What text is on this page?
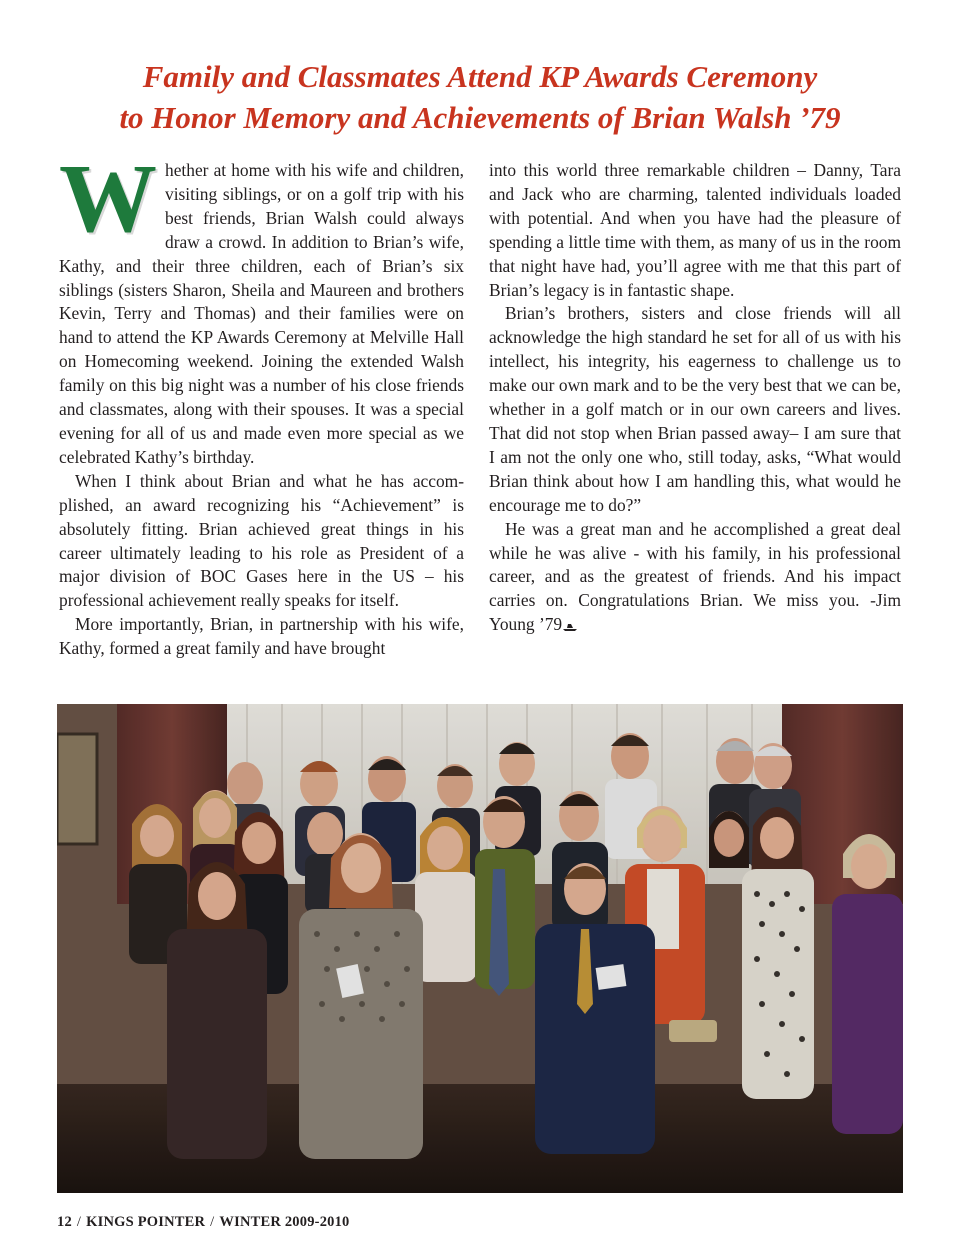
Family and Classmates Attend KP Awards Ceremony
to Honor Memory and Achievements of Brian Walsh ’79

Whether at home with his wife and children, visiting siblings, or on a golf trip with his best friends, Brian Walsh could always draw a crowd. In addition to Brian’s wife, Kathy, and their three children, each of Brian’s six siblings (sisters Sharon, Sheila and Maureen and brothers Kevin, Terry and Thomas) and their families were on hand to attend the KP Awards Ceremony at Melville Hall on Homecoming weekend. Joining the extended Walsh family on this big night was a number of his close friends and classmates, along with their spouses. It was a special evening for all of us and made even more special as we celebrated Kathy’s birthday.

When I think about Brian and what he has accomplished, an award recognizing his “Achievement” is absolutely fitting. Brian achieved great things in his career ultimately leading to his role as President of a major division of BOC Gases here in the US – his professional achievement really speaks for itself.

More importantly, Brian, in partnership with his wife, Kathy, formed a great family and have brought

into this world three remarkable children – Danny, Tara and Jack who are charming, talented individuals loaded with potential. And when you have had the pleasure of spending a little time with them, as many of us in the room that night have had, you’ll agree with me that this part of Brian’s legacy is in fantastic shape.

Brian’s brothers, sisters and close friends will all acknowledge the high standard he set for all of us with his intellect, his integrity, his eagerness to challenge us to make our own mark and to be the very best that we can be, whether in a golf match or in our own careers and lives. That did not stop when Brian passed away– I am sure that I am not the only one who, still today, asks, “What would Brian think about how I am handling this, what would he encourage me to do?”

He was a great man and he accomplished a great deal while he was alive - with his family, in his professional career, and as the greatest of friends. And his impact carries on. Congratulations Brian. We miss you. -Jim Young ’79

12 / KINGS POINTER / WINTER 2009-2010
